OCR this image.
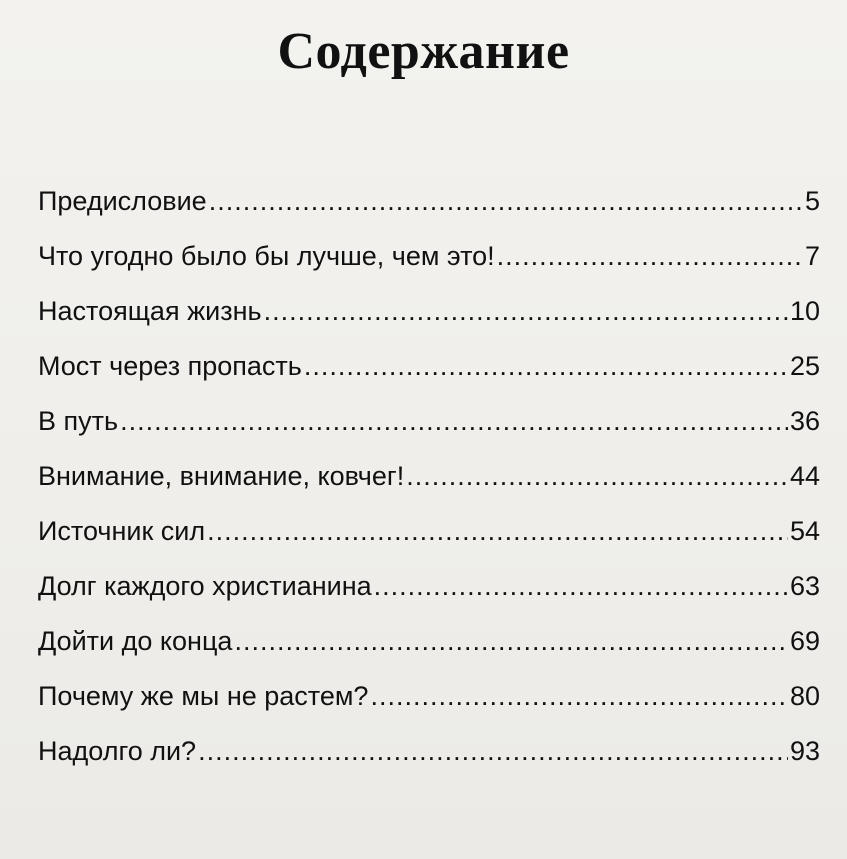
Содержание
Предисловие .....	5
Что угодно было бы лучше, чем это! .....	7
Настоящая жизнь .....	10
Мост через пропасть .....	25
В путь .....	36
Внимание, внимание, ковчег! .....	44
Источник сил .....	54
Долг каждого христианина .....	63
Дойти до конца .....	69
Почему же мы не растем? .....	80
Надолго ли? .....	93
